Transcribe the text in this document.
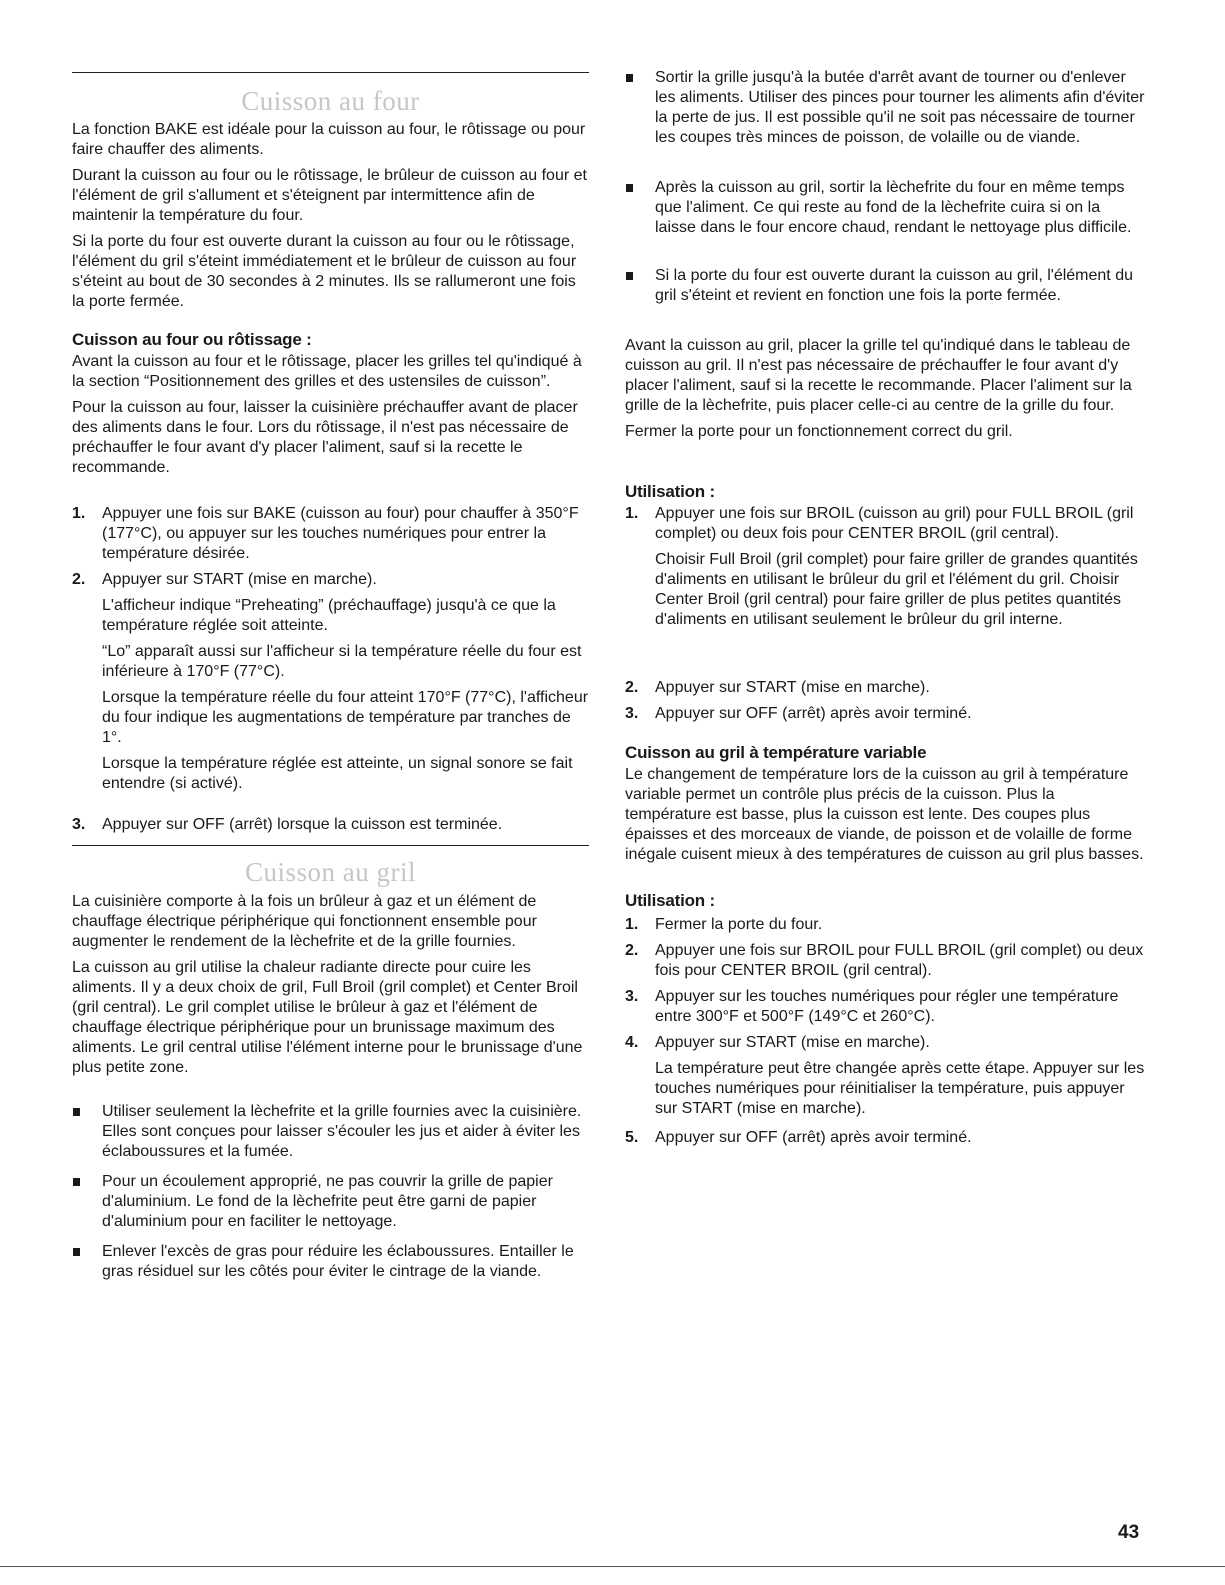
Cuisson au four

La fonction BAKE est idéale pour la cuisson au four, le rôtissage ou pour faire chauffer des aliments.

Durant la cuisson au four ou le rôtissage, le brûleur de cuisson au four et l'élément de gril s'allument et s'éteignent par intermittence afin de maintenir la température du four.

Si la porte du four est ouverte durant la cuisson au four ou le rôtissage, l'élément du gril s'éteint immédiatement et le brûleur de cuisson au four s'éteint au bout de 30 secondes à 2 minutes. Ils se rallumeront une fois la porte fermée.

Cuisson au four ou rôtissage :

Avant la cuisson au four et le rôtissage, placer les grilles tel qu'indiqué à la section “Positionnement des grilles et des ustensiles de cuisson”.

Pour la cuisson au four, laisser la cuisinière préchauffer avant de placer des aliments dans le four. Lors du rôtissage, il n'est pas nécessaire de préchauffer le four avant d'y placer l'aliment, sauf si la recette le recommande.

1. Appuyer une fois sur BAKE (cuisson au four) pour chauffer à 350°F (177°C), ou appuyer sur les touches numériques pour entrer la température désirée.

2. Appuyer sur START (mise en marche).

L'afficheur indique “Preheating” (préchauffage) jusqu'à ce que la température réglée soit atteinte.

“Lo” apparaît aussi sur l'afficheur si la température réelle du four est inférieure à 170°F (77°C).

Lorsque la température réelle du four atteint 170°F (77°C), l'afficheur du four indique les augmentations de température par tranches de 1°.

Lorsque la température réglée est atteinte, un signal sonore se fait entendre (si activé).

3. Appuyer sur OFF (arrêt) lorsque la cuisson est terminée.

Cuisson au gril

La cuisinière comporte à la fois un brûleur à gaz et un élément de chauffage électrique périphérique qui fonctionnent ensemble pour augmenter le rendement de la lèchefrite et de la grille fournies.

La cuisson au gril utilise la chaleur radiante directe pour cuire les aliments. Il y a deux choix de gril, Full Broil (gril complet) et Center Broil (gril central). Le gril complet utilise le brûleur à gaz et l'élément de chauffage électrique périphérique pour un brunissage maximum des aliments. Le gril central utilise l'élément interne pour le brunissage d'une plus petite zone.

Utiliser seulement la lèchefrite et la grille fournies avec la cuisinière. Elles sont conçues pour laisser s'écouler les jus et aider à éviter les éclaboussures et la fumée.

Pour un écoulement approprié, ne pas couvrir la grille de papier d'aluminium. Le fond de la lèchefrite peut être garni de papier d'aluminium pour en faciliter le nettoyage.

Enlever l'excès de gras pour réduire les éclaboussures. Entailler le gras résiduel sur les côtés pour éviter le cintrage de la viande.

Sortir la grille jusqu'à la butée d'arrêt avant de tourner ou d'enlever les aliments. Utiliser des pinces pour tourner les aliments afin d'éviter la perte de jus. Il est possible qu'il ne soit pas nécessaire de tourner les coupes très minces de poisson, de volaille ou de viande.

Après la cuisson au gril, sortir la lèchefrite du four en même temps que l'aliment. Ce qui reste au fond de la lèchefrite cuira si on la laisse dans le four encore chaud, rendant le nettoyage plus difficile.

Si la porte du four est ouverte durant la cuisson au gril, l'élément du gril s'éteint et revient en fonction une fois la porte fermée.

Avant la cuisson au gril, placer la grille tel qu'indiqué dans le tableau de cuisson au gril. Il n'est pas nécessaire de préchauffer le four avant d'y placer l'aliment, sauf si la recette le recommande. Placer l'aliment sur la grille de la lèchefrite, puis placer celle-ci au centre de la grille du four.

Fermer la porte pour un fonctionnement correct du gril.

Utilisation :
1. Appuyer une fois sur BROIL (cuisson au gril) pour FULL BROIL (gril complet) ou deux fois pour CENTER BROIL (gril central).

Choisir Full Broil (gril complet) pour faire griller de grandes quantités d'aliments en utilisant le brûleur du gril et l'élément du gril. Choisir Center Broil (gril central) pour faire griller de plus petites quantités d'aliments en utilisant seulement le brûleur du gril interne.

2. Appuyer sur START (mise en marche).

3. Appuyer sur OFF (arrêt) après avoir terminé.

Cuisson au gril à température variable

Le changement de température lors de la cuisson au gril à température variable permet un contrôle plus précis de la cuisson. Plus la température est basse, plus la cuisson est lente. Des coupes plus épaisses et des morceaux de viande, de poisson et de volaille de forme inégale cuisent mieux à des températures de cuisson au gril plus basses.

Utilisation :
1. Fermer la porte du four.

2. Appuyer une fois sur BROIL pour FULL BROIL (gril complet) ou deux fois pour CENTER BROIL (gril central).

3. Appuyer sur les touches numériques pour régler une température entre 300°F et 500°F (149°C et 260°C).

4. Appuyer sur START (mise en marche).

La température peut être changée après cette étape. Appuyer sur les touches numériques pour réinitialiser la température, puis appuyer sur START (mise en marche).

5. Appuyer sur OFF (arrêt) après avoir terminé.

43
